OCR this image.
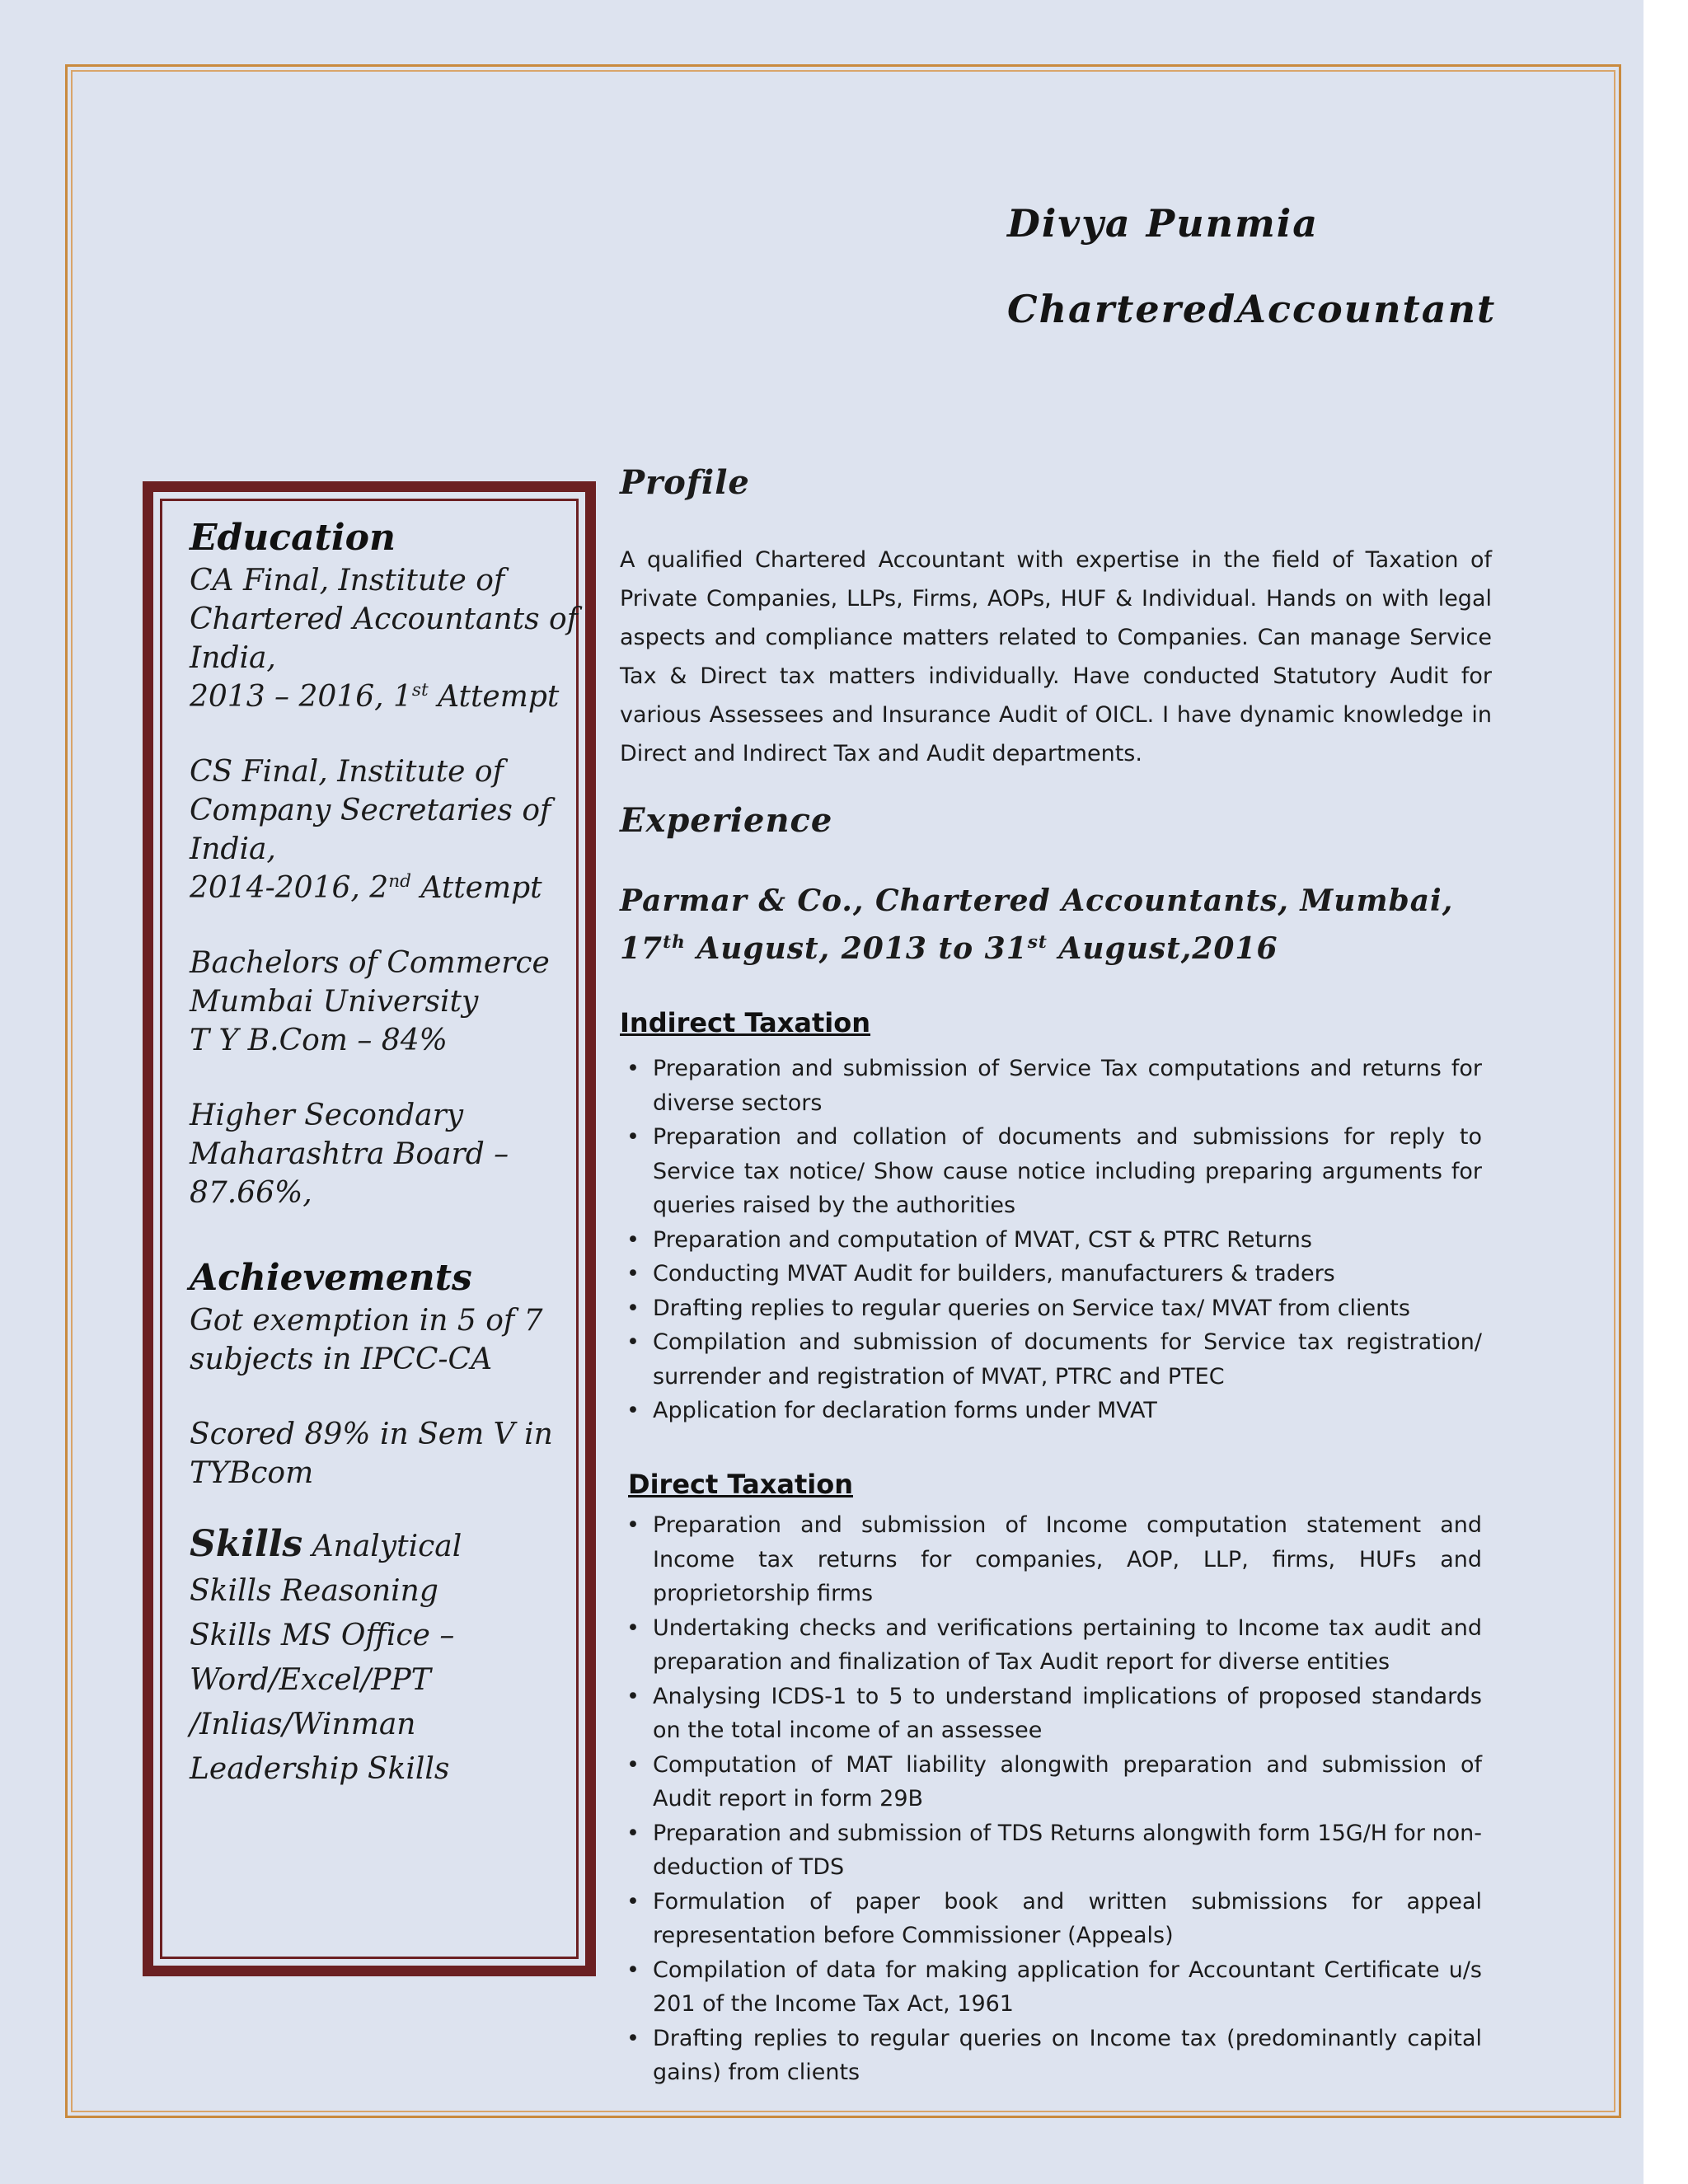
Divya Punmia
CharteredAccountant
Education
CA Final, Institute of
Chartered Accountants of
India,
2013 – 2016, 1st Attempt
CS Final, Institute of
Company Secretaries of
India,
2014-2016, 2nd Attempt
Bachelors of Commerce
Mumbai University
T Y B.Com – 84%
Higher Secondary
Maharashtra Board –
87.66%,
Achievements
Got exemption in 5 of 7
subjects in IPCC-CA
Scored 89% in Sem V in
TYBcom
Skills Analytical
Skills Reasoning
Skills MS Office –
Word/Excel/PPT
/Inlias/Winman
Leadership Skills
Profile
A qualified Chartered Accountant with expertise in the field of Taxation of Private Companies, LLPs, Firms, AOPs, HUF & Individual. Hands on with legal aspects and compliance matters related to Companies. Can manage Service Tax & Direct tax matters individually. Have conducted Statutory Audit for various Assessees and Insurance Audit of OICL. I have dynamic knowledge in Direct and Indirect Tax and Audit departments.
Experience
Parmar & Co., Chartered Accountants, Mumbai,
17th August, 2013 to 31st August,2016
Indirect Taxation
• Preparation and submission of Service Tax computations and returns for diverse sectors
• Preparation and collation of documents and submissions for reply to Service tax notice/ Show cause notice including preparing arguments for queries raised by the authorities
• Preparation and computation of MVAT, CST & PTRC Returns
• Conducting MVAT Audit for builders, manufacturers & traders
• Drafting replies to regular queries on Service tax/ MVAT from clients
• Compilation and submission of documents for Service tax registration/ surrender and registration of MVAT, PTRC and PTEC
• Application for declaration forms under MVAT
Direct Taxation
• Preparation and submission of Income computation statement and Income tax returns for companies, AOP, LLP, firms, HUFs and proprietorship firms
• Undertaking checks and verifications pertaining to Income tax audit and preparation and finalization of Tax Audit report for diverse entities
• Analysing ICDS-1 to 5 to understand implications of proposed standards on the total income of an assessee
• Computation of MAT liability alongwith preparation and submission of Audit report in form 29B
• Preparation and submission of TDS Returns alongwith form 15G/H for non-deduction of TDS
• Formulation of paper book and written submissions for appeal representation before Commissioner (Appeals)
• Compilation of data for making application for Accountant Certificate u/s 201 of the Income Tax Act, 1961
• Drafting replies to regular queries on Income tax (predominantly capital gains) from clients
